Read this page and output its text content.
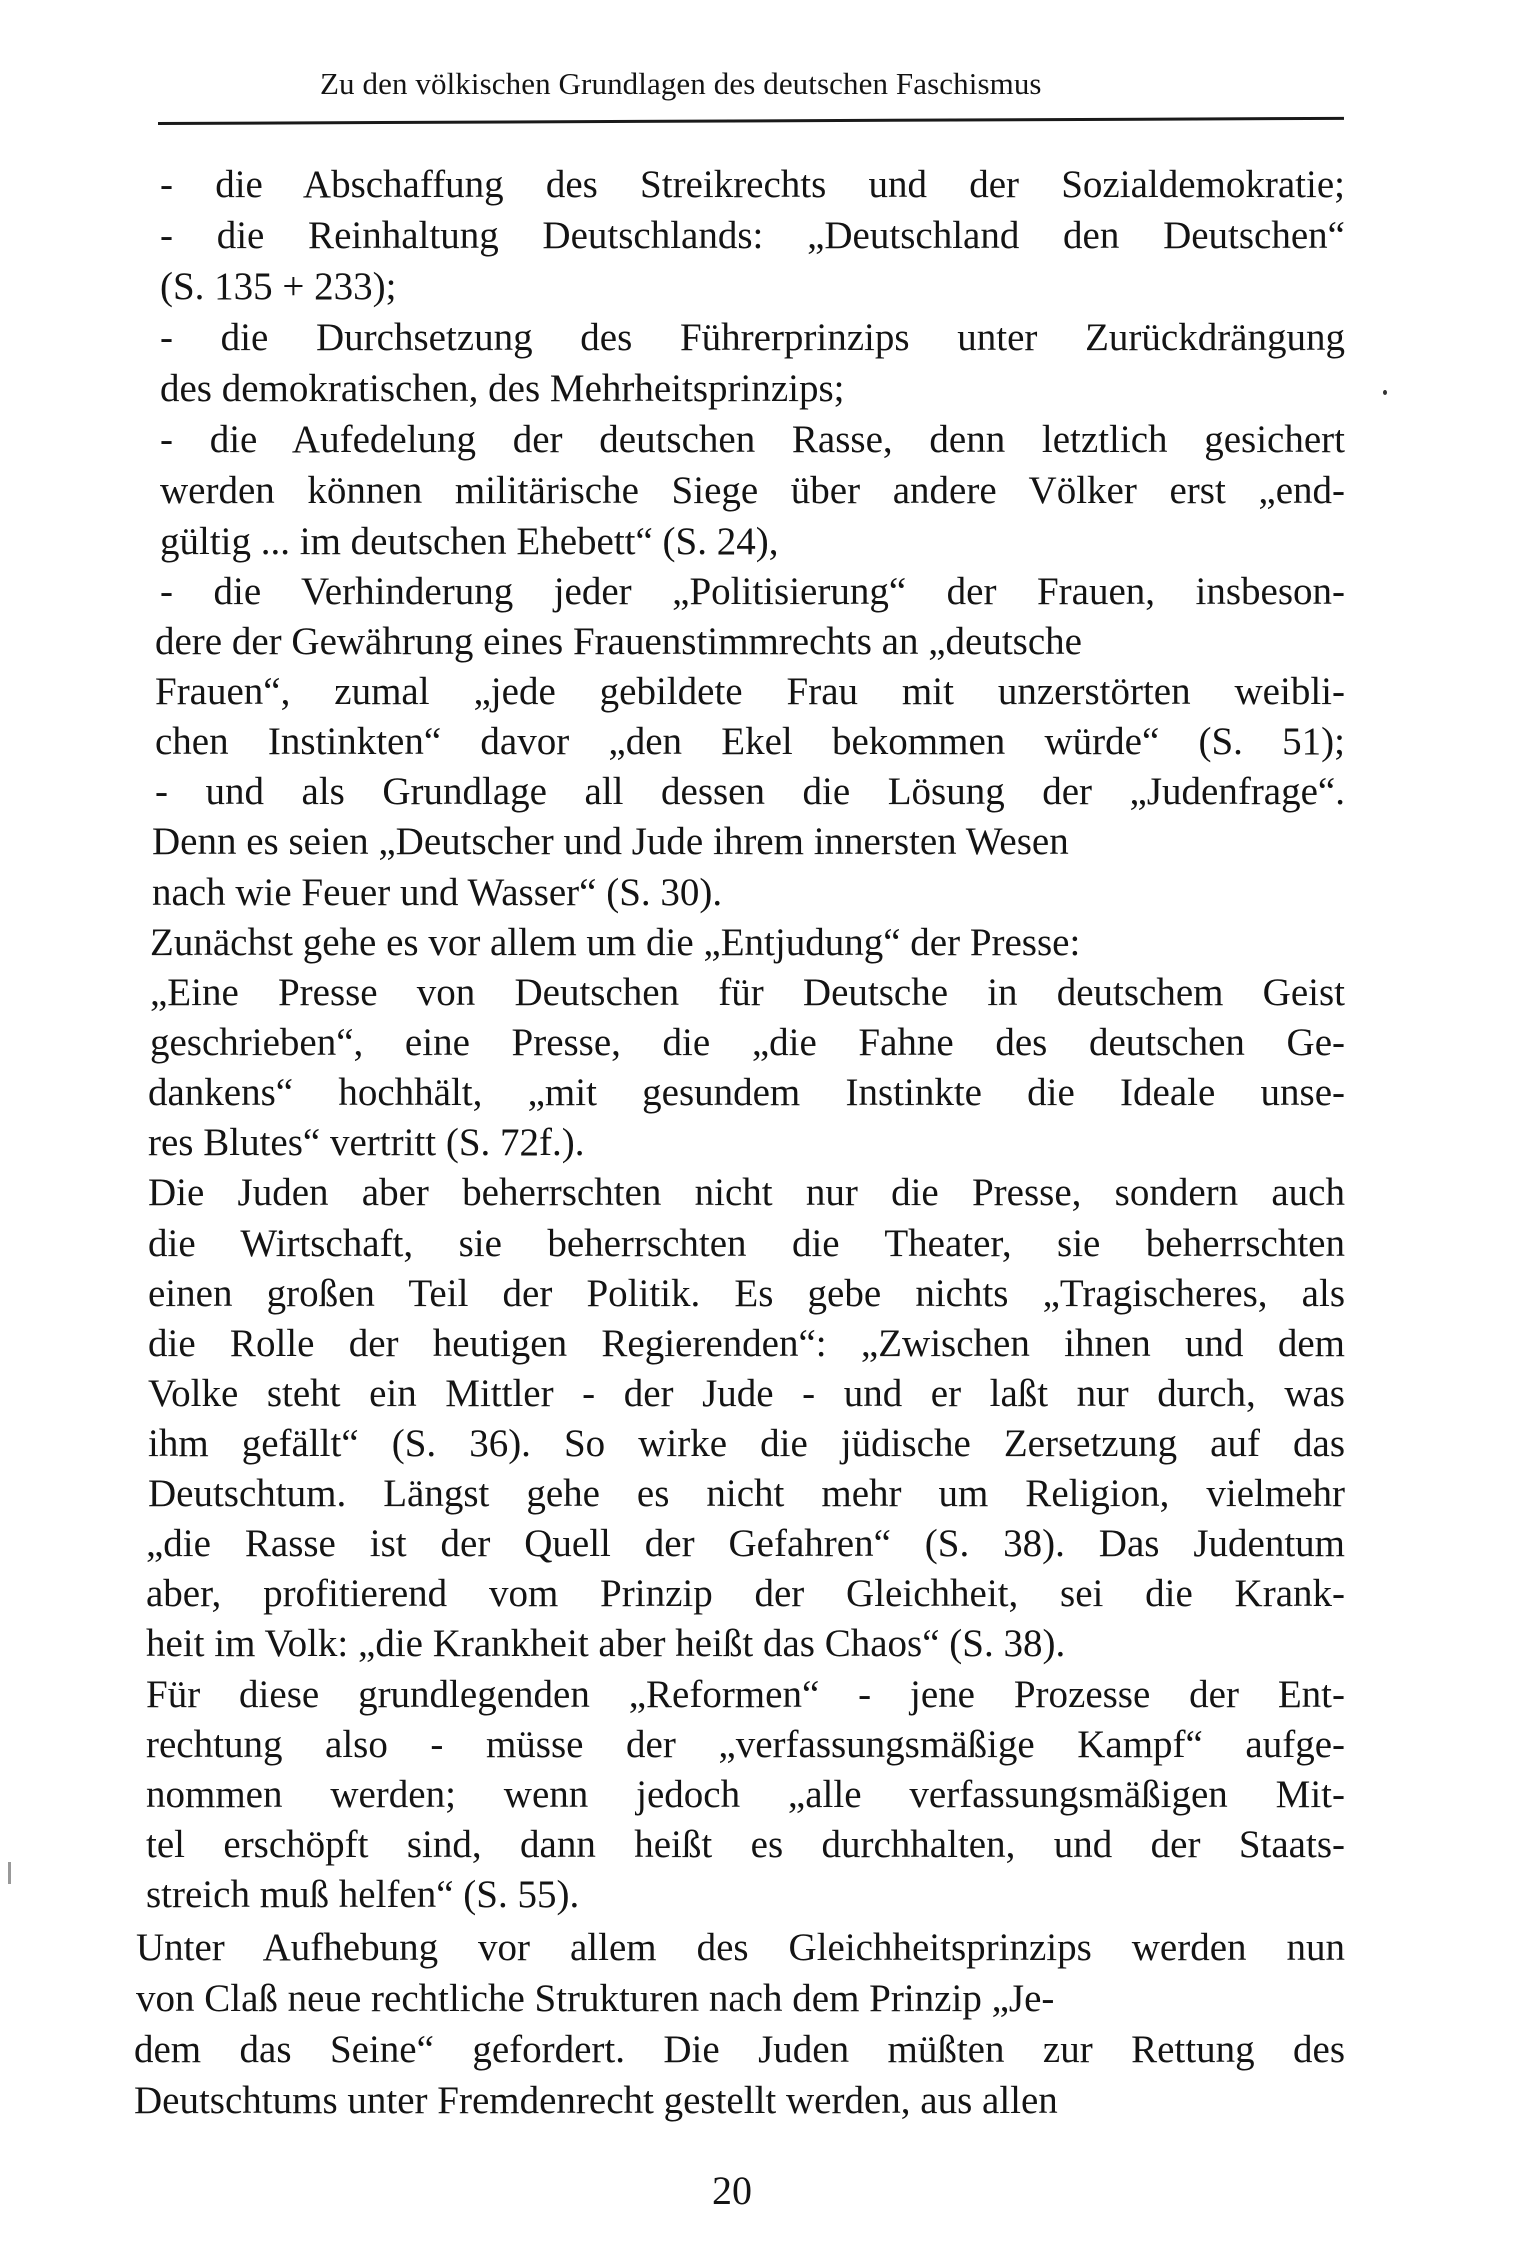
Zu den völkischen Grundlagen des deutschen Faschismus
- die Abschaffung des Streikrechts und der Sozialdemokratie;
- die Reinhaltung Deutschlands: „Deutschland den Deutschen“
(S. 135 + 233);
- die Durchsetzung des Führerprinzips unter Zurückdrängung
des demokratischen, des Mehrheitsprinzips;
- die Aufedelung der deutschen Rasse, denn letztlich gesichert
werden können militärische Siege über andere Völker erst „end-
gültig ... im deutschen Ehebett“ (S. 24),
- die Verhinderung jeder „Politisierung“ der Frauen, insbeson-
dere der Gewährung eines Frauenstimmrechts an „deutsche
Frauen“, zumal „jede gebildete Frau mit unzerstörten weibli-
chen Instinkten“ davor „den Ekel bekommen würde“ (S. 51);
- und als Grundlage all dessen die Lösung der „Judenfrage“.
Denn es seien „Deutscher und Jude ihrem innersten Wesen
nach wie Feuer und Wasser“ (S. 30).
Zunächst gehe es vor allem um die „Entjudung“ der Presse:
„Eine Presse von Deutschen für Deutsche in deutschem Geist
geschrieben“, eine Presse, die „die Fahne des deutschen Ge-
dankens“ hochhält, „mit gesundem Instinkte die Ideale unse-
res Blutes“ vertritt (S. 72f.).
Die Juden aber beherrschten nicht nur die Presse, sondern auch
die Wirtschaft, sie beherrschten die Theater, sie beherrschten
einen großen Teil der Politik. Es gebe nichts „Tragischeres, als
die Rolle der heutigen Regierenden“: „Zwischen ihnen und dem
Volke steht ein Mittler - der Jude - und er laßt nur durch, was
ihm gefällt“ (S. 36). So wirke die jüdische Zersetzung auf das
Deutschtum. Längst gehe es nicht mehr um Religion, vielmehr
„die Rasse ist der Quell der Gefahren“ (S. 38). Das Judentum
aber, profitierend vom Prinzip der Gleichheit, sei die Krank-
heit im Volk: „die Krankheit aber heißt das Chaos“ (S. 38).
Für diese grundlegenden „Reformen“ - jene Prozesse der Ent-
rechtung also - müsse der „verfassungsmäßige Kampf“ aufge-
nommen werden; wenn jedoch „alle verfassungsmäßigen Mit-
tel erschöpft sind, dann heißt es durchhalten, und der Staats-
streich muß helfen“ (S. 55).
Unter Aufhebung vor allem des Gleichheitsprinzips werden nun
von Claß neue rechtliche Strukturen nach dem Prinzip „Je-
dem das Seine“ gefordert. Die Juden müßten zur Rettung des
Deutschtums unter Fremdenrecht gestellt werden, aus allen
20
